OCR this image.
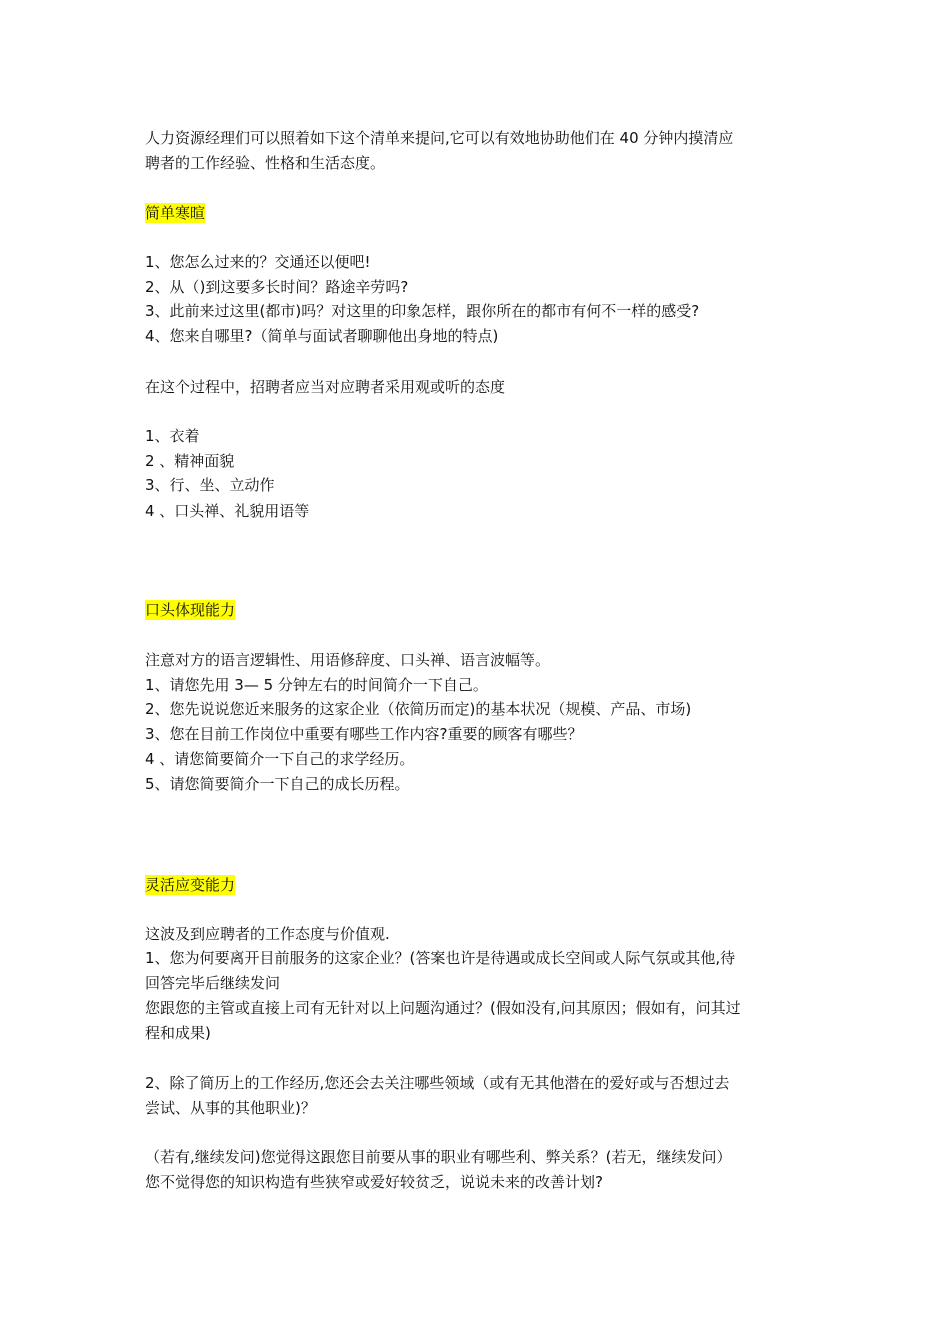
人力资源经理们可以照着如下这个清单来提问,它可以有效地协助他们在 40 分钟内摸清应
聘者的工作经验、性格和生活态度。
简单寒暄
1、您怎么过来的？交通还以便吧!
2、从（)到这要多长时间？路途辛劳吗?
3、此前来过这里(都市)吗？对这里的印象怎样，跟你所在的都市有何不一样的感受?
4、您来自哪里?（简单与面试者聊聊他出身地的特点)
在这个过程中，招聘者应当对应聘者采用观或听的态度
1、衣着
2 、精神面貌
3、行、坐、立动作
4 、口头禅、礼貌用语等
口头体现能力
注意对方的语言逻辑性、用语修辞度、口头禅、语言波幅等。
1、请您先用 3— 5 分钟左右的时间简介一下自己。
2、您先说说您近来服务的这家企业（依简历而定)的基本状况（规模、产品、市场)
3、您在目前工作岗位中重要有哪些工作内容?重要的顾客有哪些？
4 、请您简要简介一下自己的求学经历。
5、请您简要简介一下自己的成长历程。
灵活应变能力
这波及到应聘者的工作态度与价值观.
1、您为何要离开目前服务的这家企业？(答案也许是待遇或成长空间或人际气氛或其他,待
回答完毕后继续发问
您跟您的主管或直接上司有无针对以上问题沟通过？(假如没有,问其原因；假如有，问其过
程和成果)
2、除了简历上的工作经历,您还会去关注哪些领域（或有无其他潜在的爱好或与否想过去
尝试、从事的其他职业)？
（若有,继续发问)您觉得这跟您目前要从事的职业有哪些利、弊关系？(若无，继续发问）
您不觉得您的知识构造有些狭窄或爱好较贫乏，说说未来的改善计划?
